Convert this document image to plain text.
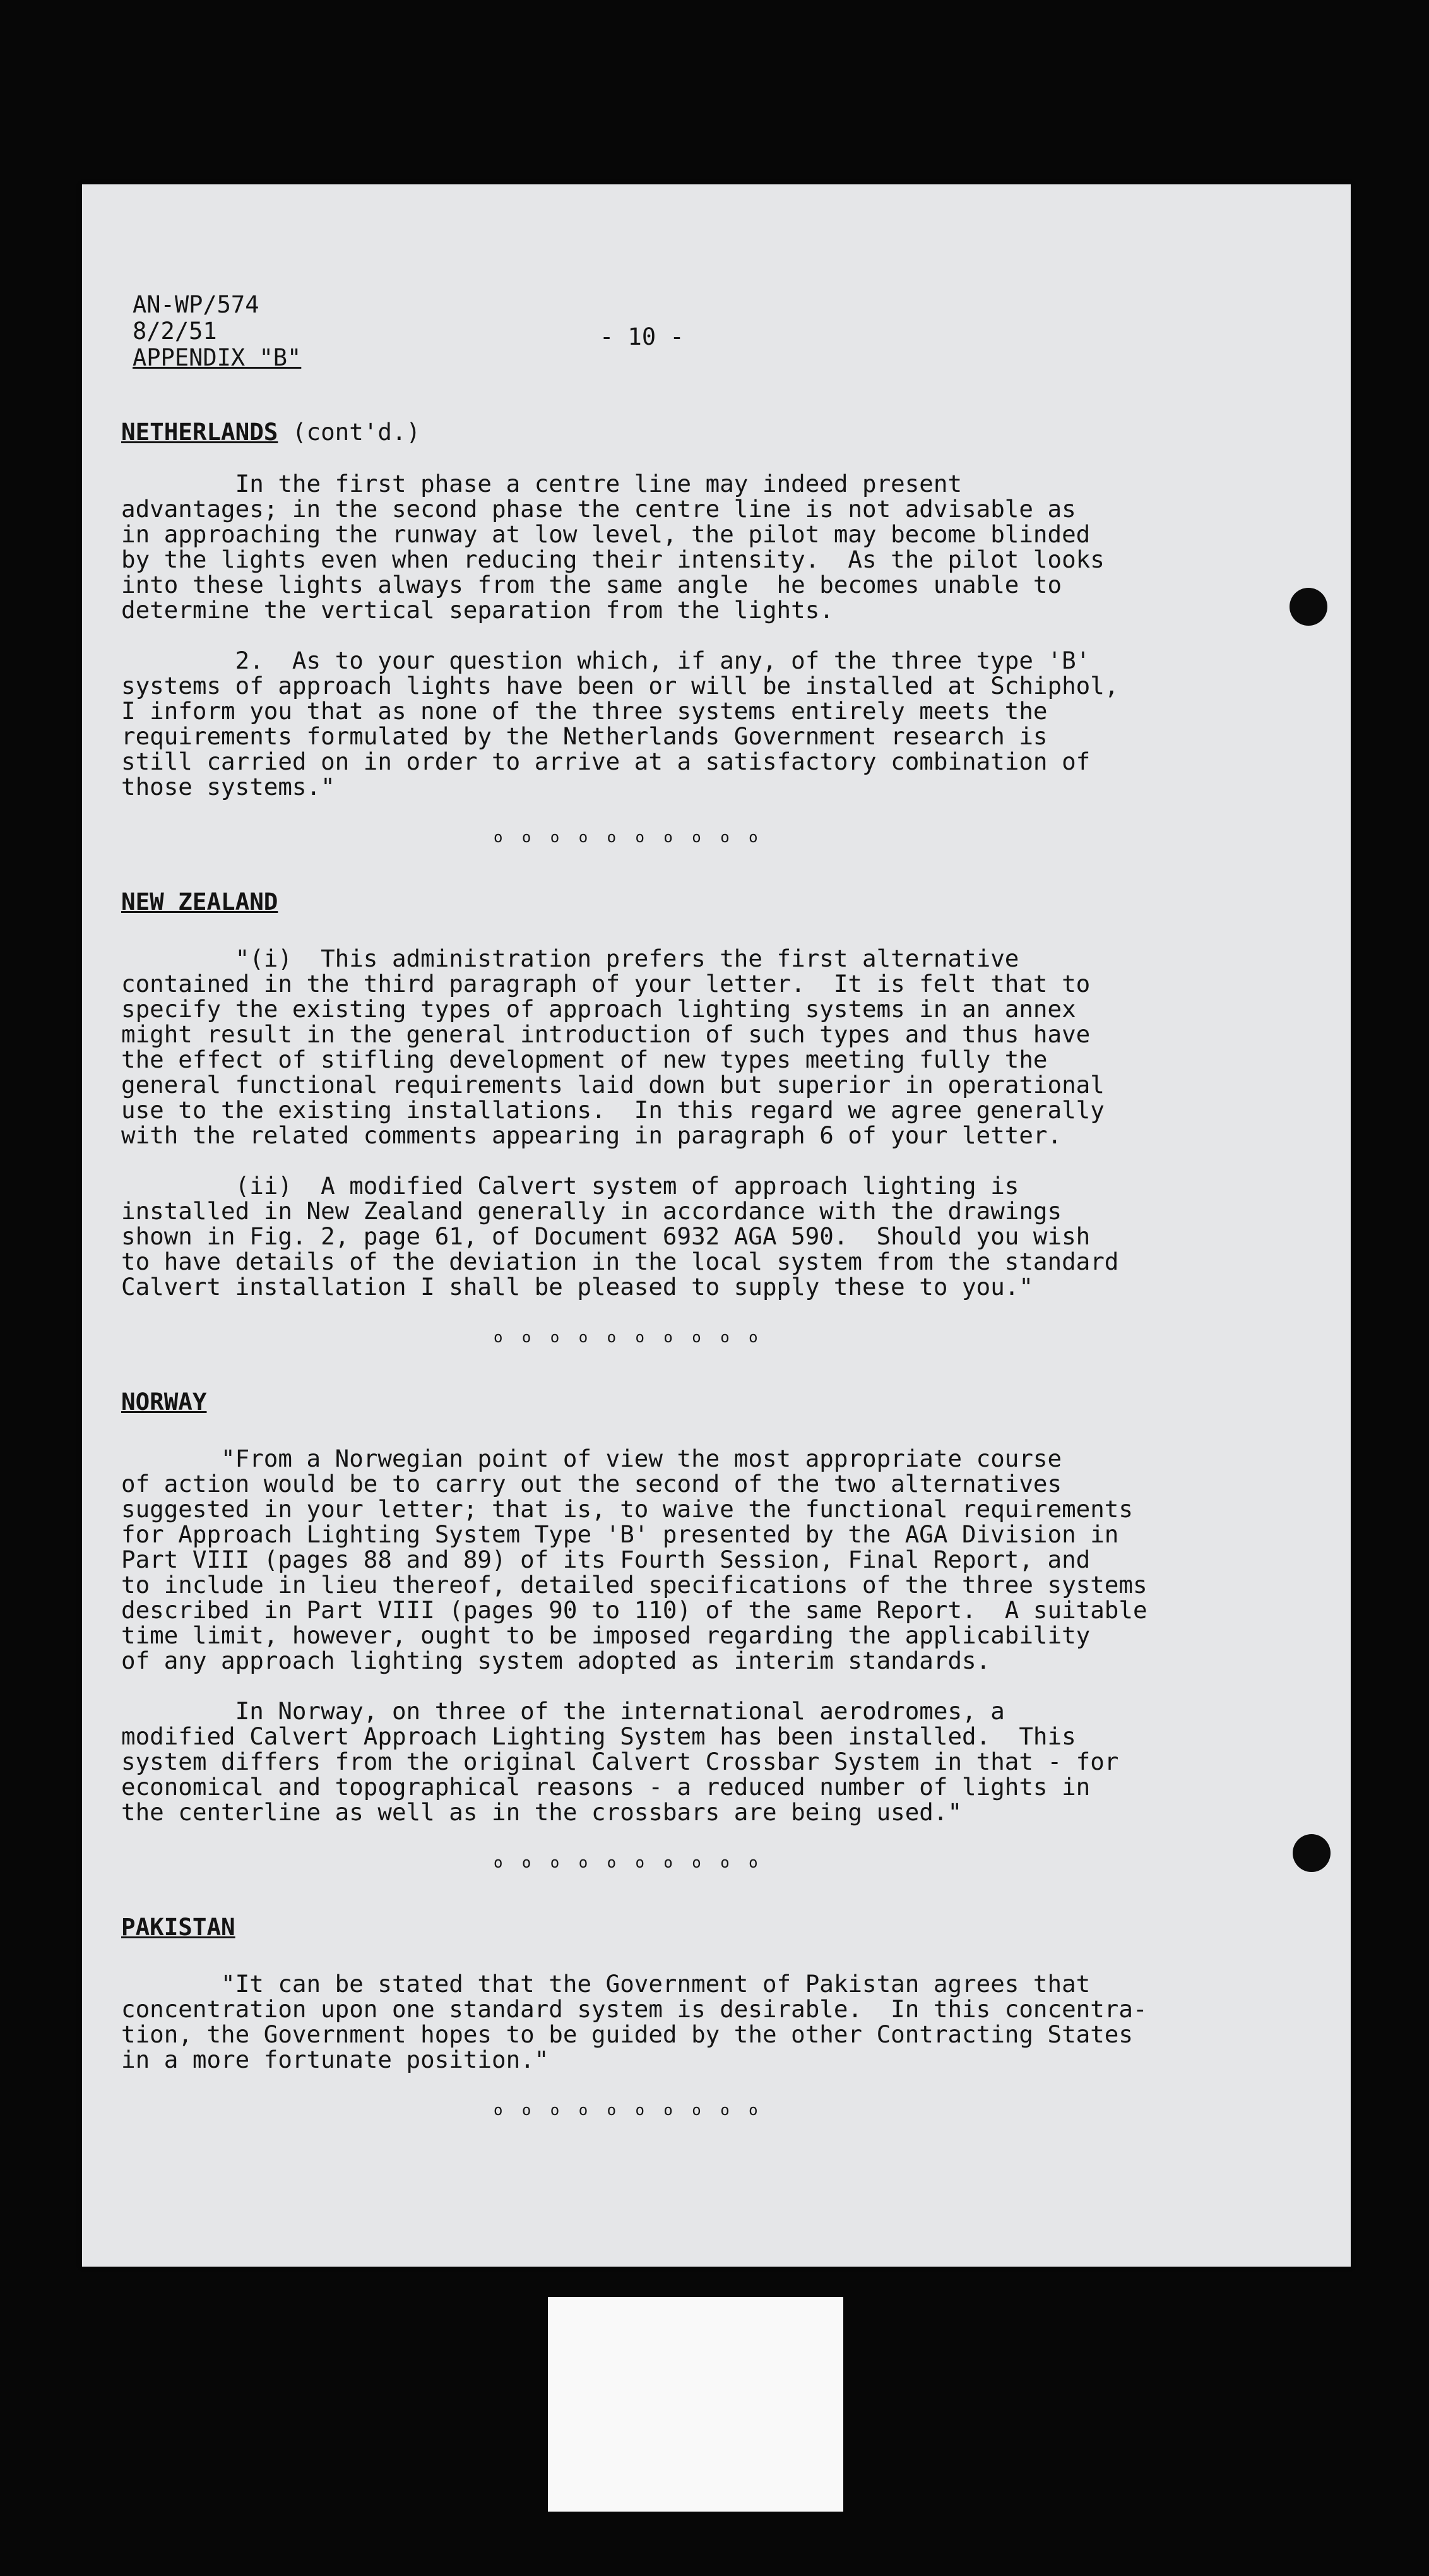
AN-WP/574
8/2/51
APPENDIX "B"
- 10 -
NETHERLANDS (cont'd.)

In the first phase a centre line may indeed present
advantages; in the second phase the centre line is not advisable as
in approaching the runway at low level, the pilot may become blinded
by the lights even when reducing their intensity.  As the pilot looks
into these lights always from the same angle  he becomes unable to
determine the vertical separation from the lights.

2.  As to your question which, if any, of the three type 'B'
systems of approach lights have been or will be installed at Schiphol,
I inform you that as none of the three systems entirely meets the
requirements formulated by the Netherlands Government research is
still carried on in order to arrive at a satisfactory combination of
those systems."

o o o o o o o o o o
NEW ZEALAND

"(i)  This administration prefers the first alternative
contained in the third paragraph of your letter.  It is felt that to
specify the existing types of approach lighting systems in an annex
might result in the general introduction of such types and thus have
the effect of stifling development of new types meeting fully the
general functional requirements laid down but superior in operational
use to the existing installations.  In this regard we agree generally
with the related comments appearing in paragraph 6 of your letter.

(ii)  A modified Calvert system of approach lighting is
installed in New Zealand generally in accordance with the drawings
shown in Fig. 2, page 61, of Document 6932 AGA 590.  Should you wish
to have details of the deviation in the local system from the standard
Calvert installation I shall be pleased to supply these to you."

o o o o o o o o o o
NORWAY

"From a Norwegian point of view the most appropriate course
of action would be to carry out the second of the two alternatives
suggested in your letter; that is, to waive the functional requirements
for Approach Lighting System Type 'B' presented by the AGA Division in
Part VIII (pages 88 and 89) of its Fourth Session, Final Report, and
to include in lieu thereof, detailed specifications of the three systems
described in Part VIII (pages 90 to 110) of the same Report.  A suitable
time limit, however, ought to be imposed regarding the applicability
of any approach lighting system adopted as interim standards.

In Norway, on three of the international aerodromes, a
modified Calvert Approach Lighting System has been installed.  This
system differs from the original Calvert Crossbar System in that - for
economical and topographical reasons - a reduced number of lights in
the centerline as well as in the crossbars are being used."

o o o o o o o o o o
PAKISTAN

"It can be stated that the Government of Pakistan agrees that
concentration upon one standard system is desirable.  In this concentra-
tion, the Government hopes to be guided by the other Contracting States
in a more fortunate position."

o o o o o o o o o o
